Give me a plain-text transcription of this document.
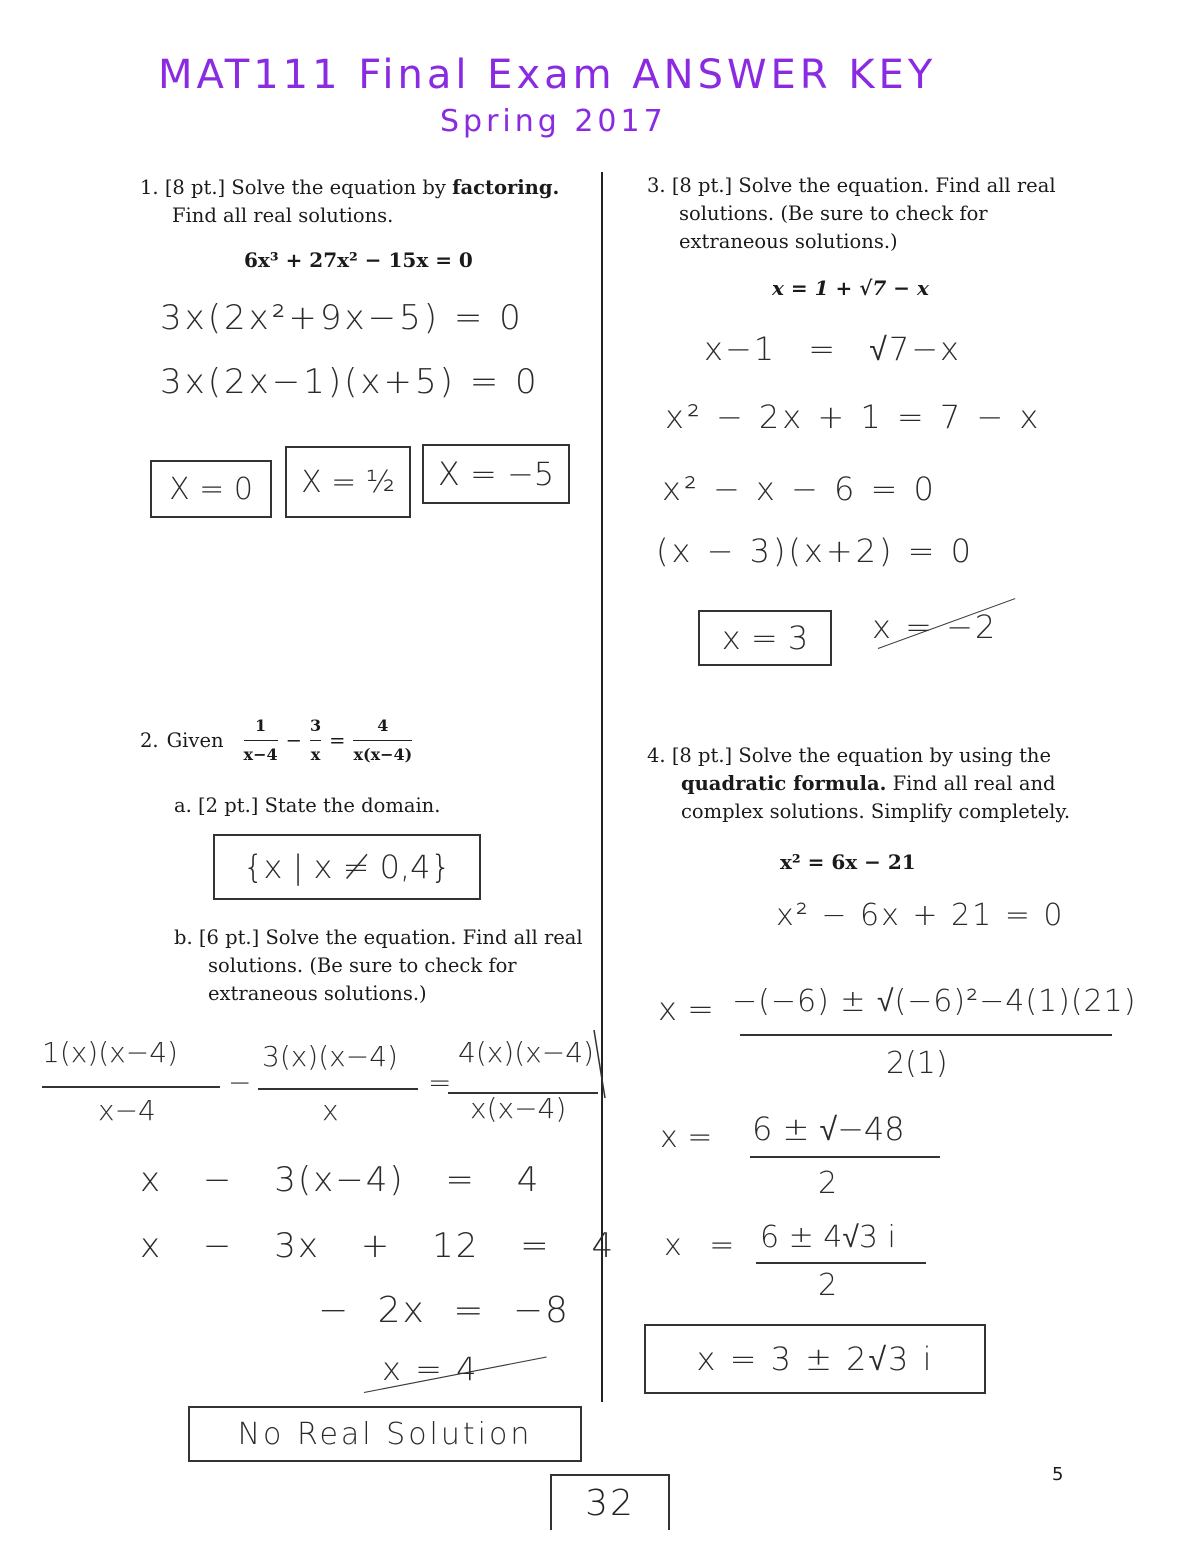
MAT111 Final Exam ANSWER KEY
Spring 2017
1. [8 pt.] Solve the equation by factoring.
Find all real solutions.
6x³ + 27x² − 15x = 0
3x(2x²+9x−5) = 0
3x(2x−1)(x+5) = 0
X = 0 X = ½ X = −5
2. Given $\frac{1}{x-4} - \frac{3}{x} = \frac{4}{x(x-4)}$
a. [2 pt.] State the domain.
{x | x ≠ 0,4}
b. [6 pt.] Solve the equation. Find all real
solutions. (Be sure to check for
extraneous solutions.)
1(x)(x−4)
x−4
−
3(x)(x−4)
x
=
4(x)(x−4)
x(x−4)
x − 3(x−4) = 4
x − 3x + 12 = 4
− 2x = −8
x = 4
No Real Solution
3. [8 pt.] Solve the equation. Find all real
solutions. (Be sure to check for
extraneous solutions.)
x = 1 + √7 − x
x−1 = √7−x
x² − 2x + 1 = 7 − x
x² − x − 6 = 0
(x − 3)(x+2) = 0
x = 3 x = −2
4. [8 pt.] Solve the equation by using the
quadratic formula. Find all real and
complex solutions. Simplify completely.
x² = 6x − 21
x² − 6x + 21 = 0
x = −(−6) ± √(−6)²−4(1)(21)
2(1)
x = 6 ± √−48
2
x = 6 ± 4√3 i
2
x = 3 ± 2√3 i
32
5
